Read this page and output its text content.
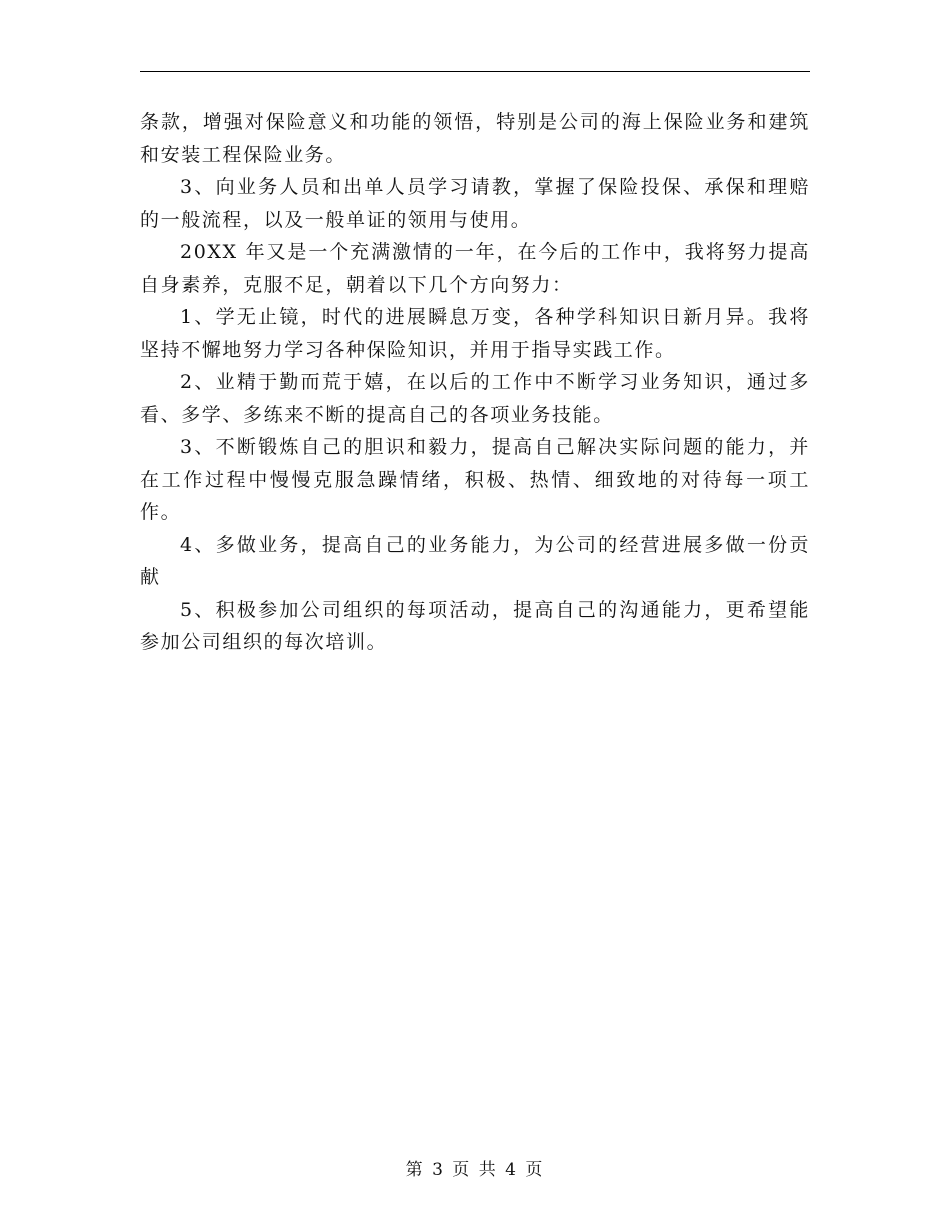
条款，增强对保险意义和功能的领悟，特别是公司的海上保险业务和建筑和安装工程保险业务。

3、向业务人员和出单人员学习请教，掌握了保险投保、承保和理赔的一般流程，以及一般单证的领用与使用。

20XX 年又是一个充满激情的一年，在今后的工作中，我将努力提高自身素养，克服不足，朝着以下几个方向努力：

1、学无止镜，时代的进展瞬息万变，各种学科知识日新月异。我将坚持不懈地努力学习各种保险知识，并用于指导实践工作。

2、业精于勤而荒于嬉，在以后的工作中不断学习业务知识，通过多看、多学、多练来不断的提高自己的各项业务技能。

3、不断锻炼自己的胆识和毅力，提高自己解决实际问题的能力，并在工作过程中慢慢克服急躁情绪，积极、热情、细致地的对待每一项工作。

4、多做业务，提高自己的业务能力，为公司的经营进展多做一份贡献

5、积极参加公司组织的每项活动，提高自己的沟通能力，更希望能参加公司组织的每次培训。

第 3 页 共 4 页
